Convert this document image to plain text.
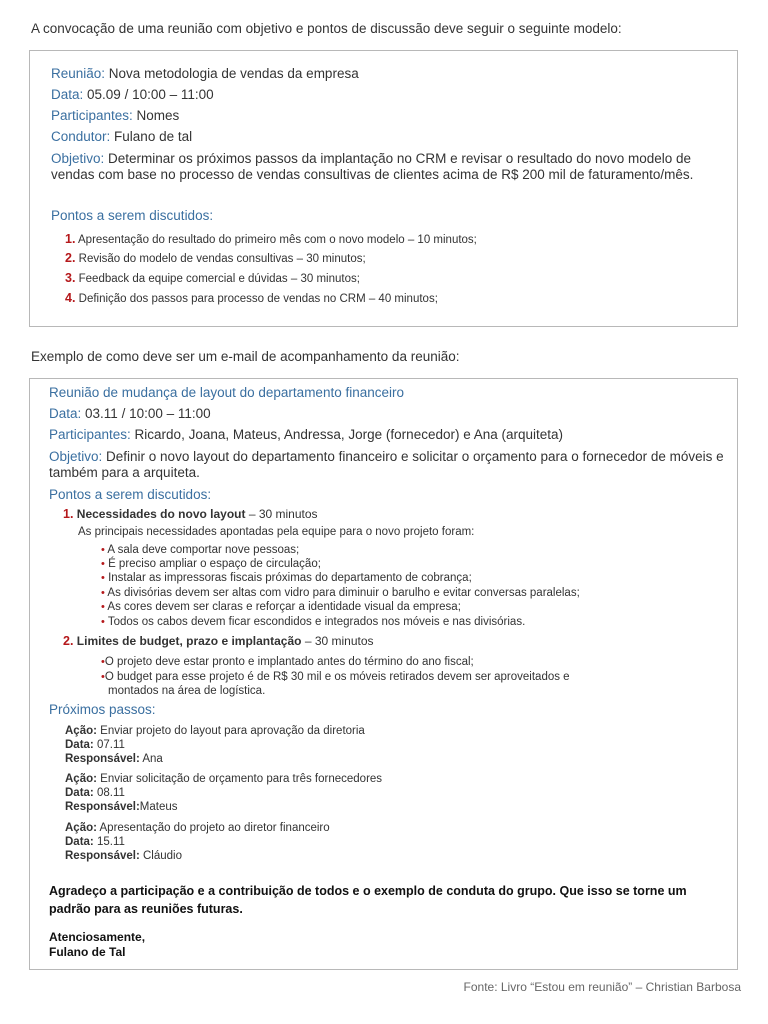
A convocação de uma reunião com objetivo e pontos de discussão deve seguir o seguinte modelo:
Reunião: Nova metodologia de vendas da empresa
Data: 05.09 / 10:00 – 11:00
Participantes: Nomes
Condutor: Fulano de tal
Objetivo: Determinar os próximos passos da implantação no CRM e revisar o resultado do novo modelo de vendas com base no processo de vendas consultivas de clientes acima de R$ 200 mil de faturamento/mês.
Pontos a serem discutidos:
1. Apresentação do resultado do primeiro mês com o novo modelo – 10 minutos;
2. Revisão do modelo de vendas consultivas – 30 minutos;
3. Feedback da equipe comercial e dúvidas – 30 minutos;
4. Definição dos passos para processo de vendas no CRM – 40 minutos;
Exemplo de como deve ser um e-mail de acompanhamento da reunião:
Reunião de mudança de layout do departamento financeiro
Data: 03.11 / 10:00 – 11:00
Participantes: Ricardo, Joana, Mateus, Andressa, Jorge (fornecedor) e Ana (arquiteta)
Objetivo: Definir o novo layout do departamento financeiro e solicitar o orçamento para o fornecedor de móveis e também para a arquiteta.
Pontos a serem discutidos:
1. Necessidades do novo layout – 30 minutos
As principais necessidades apontadas pela equipe para o novo projeto foram:
• A sala deve comportar nove pessoas;
• É preciso ampliar o espaço de circulação;
• Instalar as impressoras fiscais próximas do departamento de cobrança;
• As divisórias devem ser altas com vidro para diminuir o barulho e evitar conversas paralelas;
• As cores devem ser claras e reforçar a identidade visual da empresa;
• Todos os cabos devem ficar escondidos e integrados nos móveis e nas divisórias.
2. Limites de budget, prazo e implantação – 30 minutos
•O projeto deve estar pronto e implantado antes do término do ano fiscal;
•O budget para esse projeto é de R$ 30 mil e os móveis retirados devem ser aproveitados e
montados na área de logística.
Próximos passos:
Ação: Enviar projeto do layout para aprovação da diretoria
Data: 07.11
Responsável: Ana
Ação: Enviar solicitação de orçamento para três fornecedores
Data: 08.11
Responsável:Mateus
Ação: Apresentação do projeto ao diretor financeiro
Data: 15.11
Responsável: Cláudio
Agradeço a participação e a contribuição de todos e o exemplo de conduta do grupo. Que isso se torne um padrão para as reuniões futuras.
Atenciosamente,
Fulano de Tal
Fonte: Livro “Estou em reunião” – Christian Barbosa
